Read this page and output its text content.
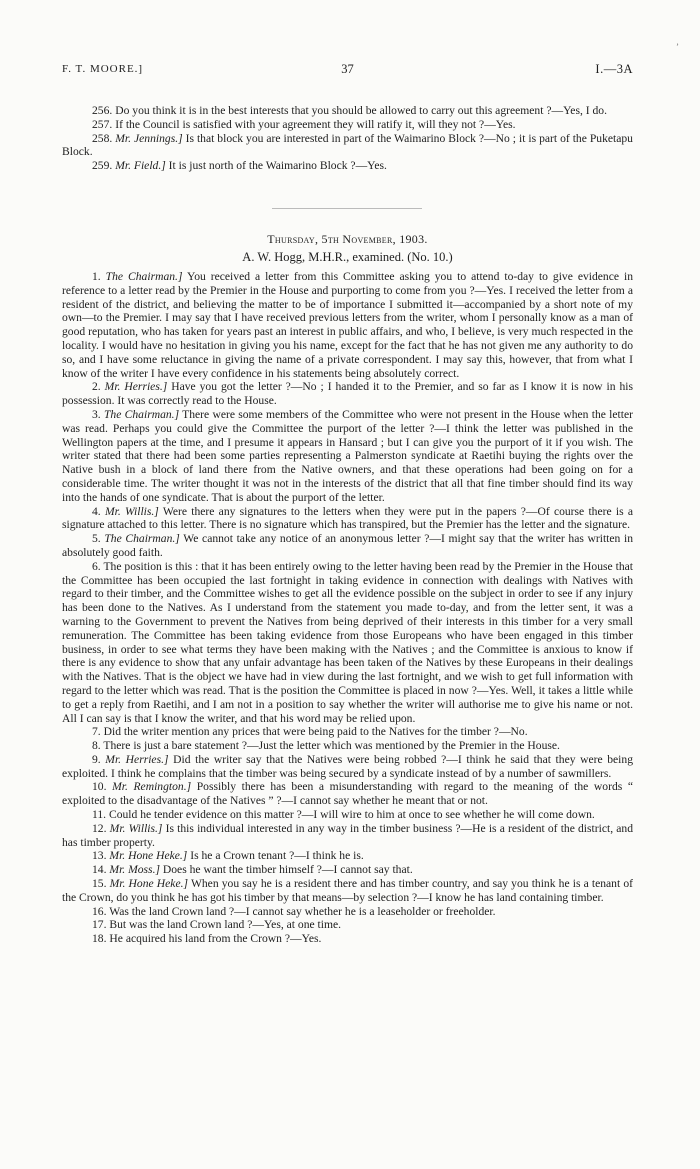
’
F. T. MOORE.]	37	I.—3A

256. Do you think it is in the best interests that you should be allowed to carry out this agreement ?—Yes, I do.

257. If the Council is satisfied with your agreement they will ratify it, will they not ?—Yes.

258. Mr. Jennings.] Is that block you are interested in part of the Waimarino Block ?—No ; it is part of the Puketapu Block.

259. Mr. Field.] It is just north of the Waimarino Block ?—Yes.

Thursday, 5th November, 1903.
A. W. Hogg, M.H.R., examined. (No. 10.)

1. The Chairman.] You received a letter from this Committee asking you to attend to-day to give evidence in reference to a letter read by the Premier in the House and purporting to come from you ?—Yes. I received the letter from a resident of the district, and believing the matter to be of importance I submitted it—accompanied by a short note of my own—to the Premier. I may say that I have received previous letters from the writer, whom I personally know as a man of good reputation, who has taken for years past an interest in public affairs, and who, I believe, is very much respected in the locality. I would have no hesitation in giving you his name, except for the fact that he has not given me any authority to do so, and I have some reluctance in giving the name of a private correspondent. I may say this, however, that from what I know of the writer I have every confidence in his statements being absolutely correct.

2. Mr. Herries.] Have you got the letter ?—No ; I handed it to the Premier, and so far as I know it is now in his possession. It was correctly read to the House.

3. The Chairman.] There were some members of the Committee who were not present in the House when the letter was read. Perhaps you could give the Committee the purport of the letter ?—I think the letter was published in the Wellington papers at the time, and I presume it appears in Hansard ; but I can give you the purport of it if you wish. The writer stated that there had been some parties representing a Palmerston syndicate at Raetihi buying the rights over the Native bush in a block of land there from the Native owners, and that these operations had been going on for a considerable time. The writer thought it was not in the interests of the district that all that fine timber should find its way into the hands of one syndicate. That is about the purport of the letter.

4. Mr. Willis.] Were there any signatures to the letters when they were put in the papers ?—Of course there is a signature attached to this letter. There is no signature which has transpired, but the Premier has the letter and the signature.

5. The Chairman.] We cannot take any notice of an anonymous letter ?—I might say that the writer has written in absolutely good faith.

6. The position is this : that it has been entirely owing to the letter having been read by the Premier in the House that the Committee has been occupied the last fortnight in taking evidence in connection with dealings with Natives with regard to their timber, and the Committee wishes to get all the evidence possible on the subject in order to see if any injury has been done to the Natives. As I understand from the statement you made to-day, and from the letter sent, it was a warning to the Government to prevent the Natives from being deprived of their interests in this timber for a very small remuneration. The Committee has been taking evidence from those Europeans who have been engaged in this timber business, in order to see what terms they have been making with the Natives ; and the Committee is anxious to know if there is any evidence to show that any unfair advantage has been taken of the Natives by these Europeans in their dealings with the Natives. That is the object we have had in view during the last fortnight, and we wish to get full information with regard to the letter which was read. That is the position the Committee is placed in now ?—Yes. Well, it takes a little while to get a reply from Raetihi, and I am not in a position to say whether the writer will authorise me to give his name or not. All I can say is that I know the writer, and that his word may be relied upon.

7. Did the writer mention any prices that were being paid to the Natives for the timber ?—No.

8. There is just a bare statement ?—Just the letter which was mentioned by the Premier in the House.

9. Mr. Herries.] Did the writer say that the Natives were being robbed ?—I think he said that they were being exploited. I think he complains that the timber was being secured by a syndicate instead of by a number of sawmillers.

10. Mr. Remington.] Possibly there has been a misunderstanding with regard to the meaning of the words “ exploited to the disadvantage of the Natives ” ?—I cannot say whether he meant that or not.

11. Could he tender evidence on this matter ?—I will wire to him at once to see whether he will come down.

12. Mr. Willis.] Is this individual interested in any way in the timber business ?—He is a resident of the district, and has timber property.

13. Mr. Hone Heke.] Is he a Crown tenant ?—I think he is.

14. Mr. Moss.] Does he want the timber himself ?—I cannot say that.

15. Mr. Hone Heke.] When you say he is a resident there and has timber country, and say you think he is a tenant of the Crown, do you think he has got his timber by that means—by selection ?—I know he has land containing timber.

16. Was the land Crown land ?—I cannot say whether he is a leaseholder or freeholder.

17. But was the land Crown land ?—Yes, at one time.

18. He acquired his land from the Crown ?—Yes.
